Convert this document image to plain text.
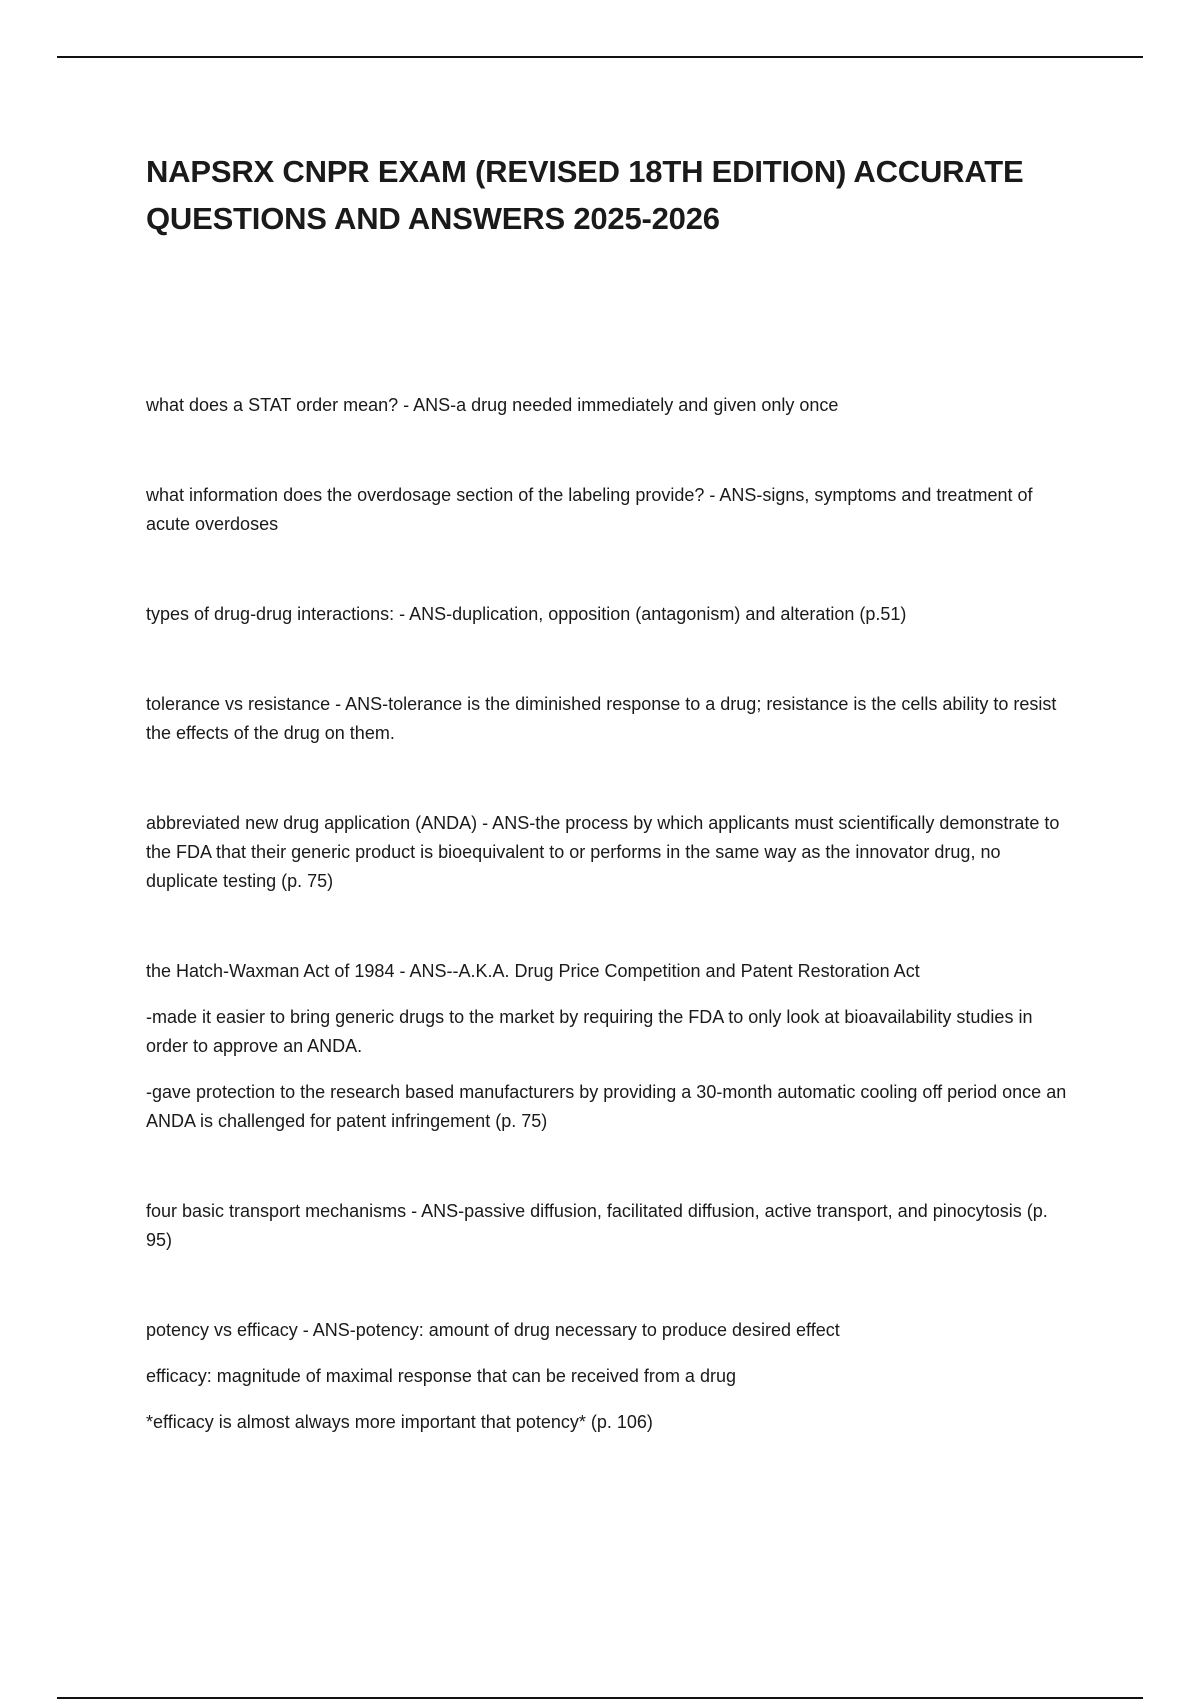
NAPSRX CNPR EXAM (REVISED 18TH EDITION) ACCURATE
QUESTIONS AND ANSWERS 2025-2026

what does a STAT order mean? - ANS-a drug needed immediately and given only once

what information does the overdosage section of the labeling provide? - ANS-signs, symptoms and treatment of acute overdoses

types of drug-drug interactions: - ANS-duplication, opposition (antagonism) and alteration (p.51)

tolerance vs resistance - ANS-tolerance is the diminished response to a drug; resistance is the cells ability to resist the effects of the drug on them.

abbreviated new drug application (ANDA) - ANS-the process by which applicants must scientifically demonstrate to the FDA that their generic product is bioequivalent to or performs in the same way as the innovator drug, no duplicate testing (p. 75)

the Hatch-Waxman Act of 1984 - ANS--A.K.A. Drug Price Competition and Patent Restoration Act

-made it easier to bring generic drugs to the market by requiring the FDA to only look at bioavailability studies in order to approve an ANDA.

-gave protection to the research based manufacturers by providing a 30-month automatic cooling off period once an ANDA is challenged for patent infringement (p. 75)

four basic transport mechanisms - ANS-passive diffusion, facilitated diffusion, active transport, and pinocytosis (p. 95)

potency vs efficacy - ANS-potency: amount of drug necessary to produce desired effect

efficacy: magnitude of maximal response that can be received from a drug

*efficacy is almost always more important that potency* (p. 106)
